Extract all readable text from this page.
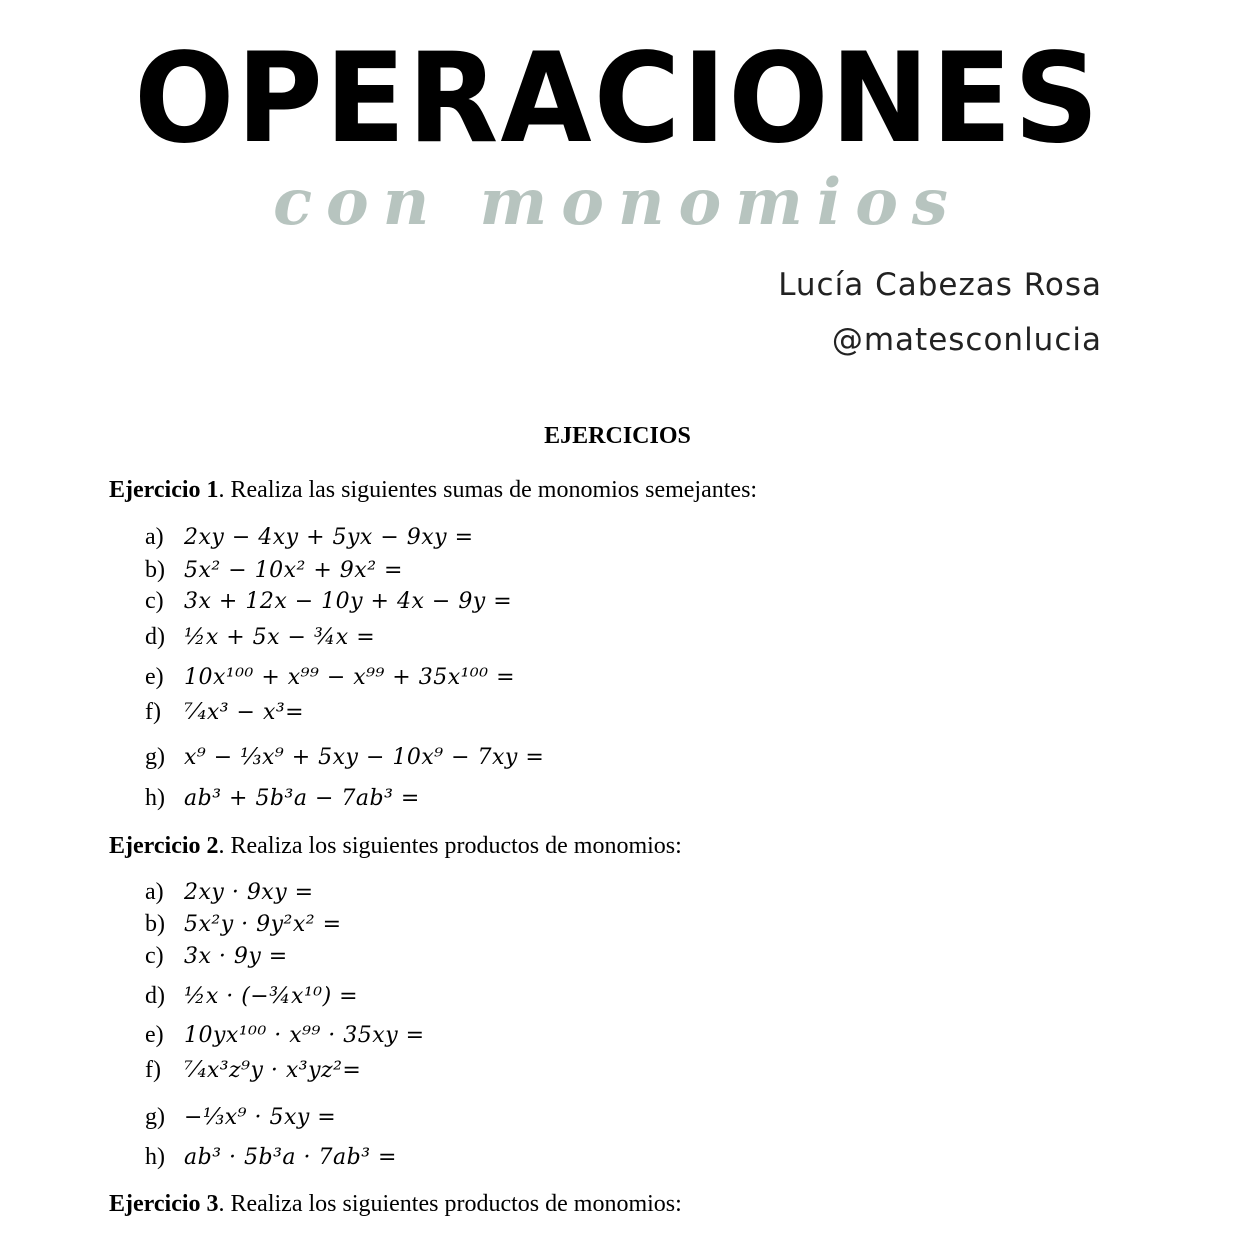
OPERACIONES
con monomios
Lucía Cabezas Rosa
@matesconlucia
EJERCICIOS
Ejercicio 1. Realiza las siguientes sumas de monomios semejantes:
a) 2xy − 4xy + 5yx − 9xy =
b) 5x² − 10x² + 9x² =
c) 3x + 12x − 10y + 4x − 9y =
d) ½x + 5x − ¾x =
e) 10x¹⁰⁰ + x⁹⁹ − x⁹⁹ + 35x¹⁰⁰ =
f) ⁷⁄₄x³ − x³=
g) x⁹ − ⅓x⁹ + 5xy − 10x⁹ − 7xy =
h) ab³ + 5b³a − 7ab³ =
Ejercicio 2. Realiza los siguientes productos de monomios:
a) 2xy · 9xy =
b) 5x²y · 9y²x² =
c) 3x · 9y =
d) ½x · (−¾x¹⁰) =
e) 10yx¹⁰⁰ · x⁹⁹ · 35xy =
f) ⁷⁄₄x³z⁹y · x³yz²=
g) −⅓x⁹ · 5xy =
h) ab³ · 5b³a · 7ab³ =
Ejercicio 3. Realiza los siguientes productos de monomios:
